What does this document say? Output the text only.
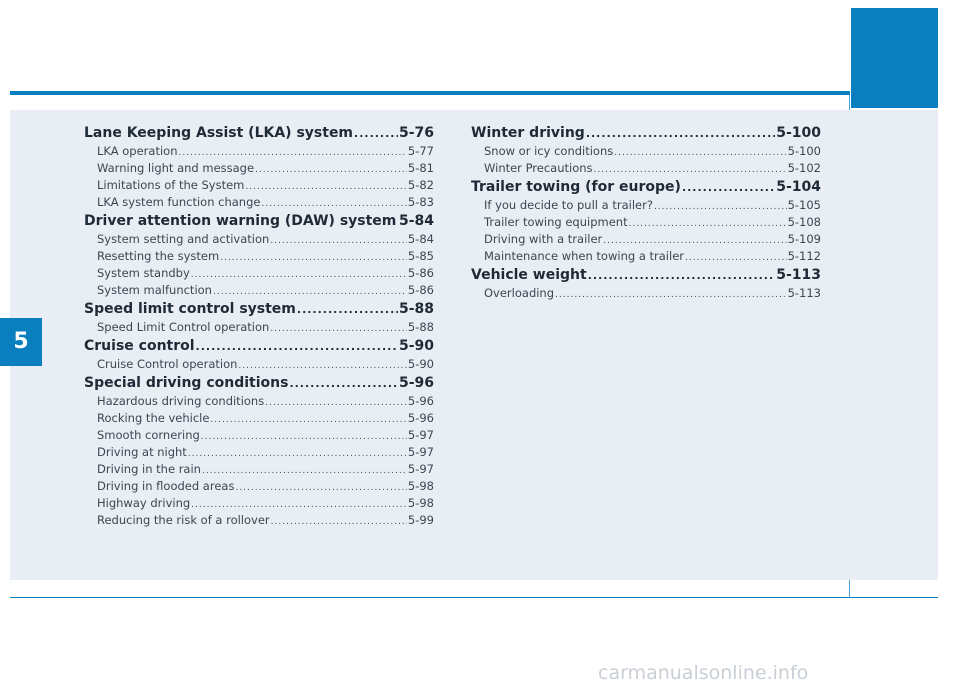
5
Lane Keeping Assist (LKA) system .....	5-76
LKA operation .....	5-77
Warning light and message .....	5-81
Limitations of the System .....	5-82
LKA system function change .....	5-83
Driver attention warning (DAW) system ..... 5-84
System setting and activation .....	5-84
Resetting the system .....	5-85
System standby .....	5-86
System malfunction .....	5-86
Speed limit control system .....	5-88
Speed Limit Control operation .....	5-88
Cruise control .....	5-90
Cruise Control operation .....	5-90
Special driving conditions .....	5-96
Hazardous driving conditions .....	5-96
Rocking the vehicle .....	5-96
Smooth cornering .....	5-97
Driving at night .....	5-97
Driving in the rain .....	5-97
Driving in flooded areas .....	5-98
Highway driving .....	5-98
Reducing the risk of a rollover .....	5-99
Winter driving .....	5-100
Snow or icy conditions .....	5-100
Winter Precautions .....	5-102
Trailer towing (for europe) .....	5-104
If you decide to pull a trailer? .....	5-105
Trailer towing equipment .....	5-108
Driving with a trailer .....	5-109
Maintenance when towing a trailer .....	5-112
Vehicle weight .....	5-113
Overloading .....	5-113
carmanualsonline.info
